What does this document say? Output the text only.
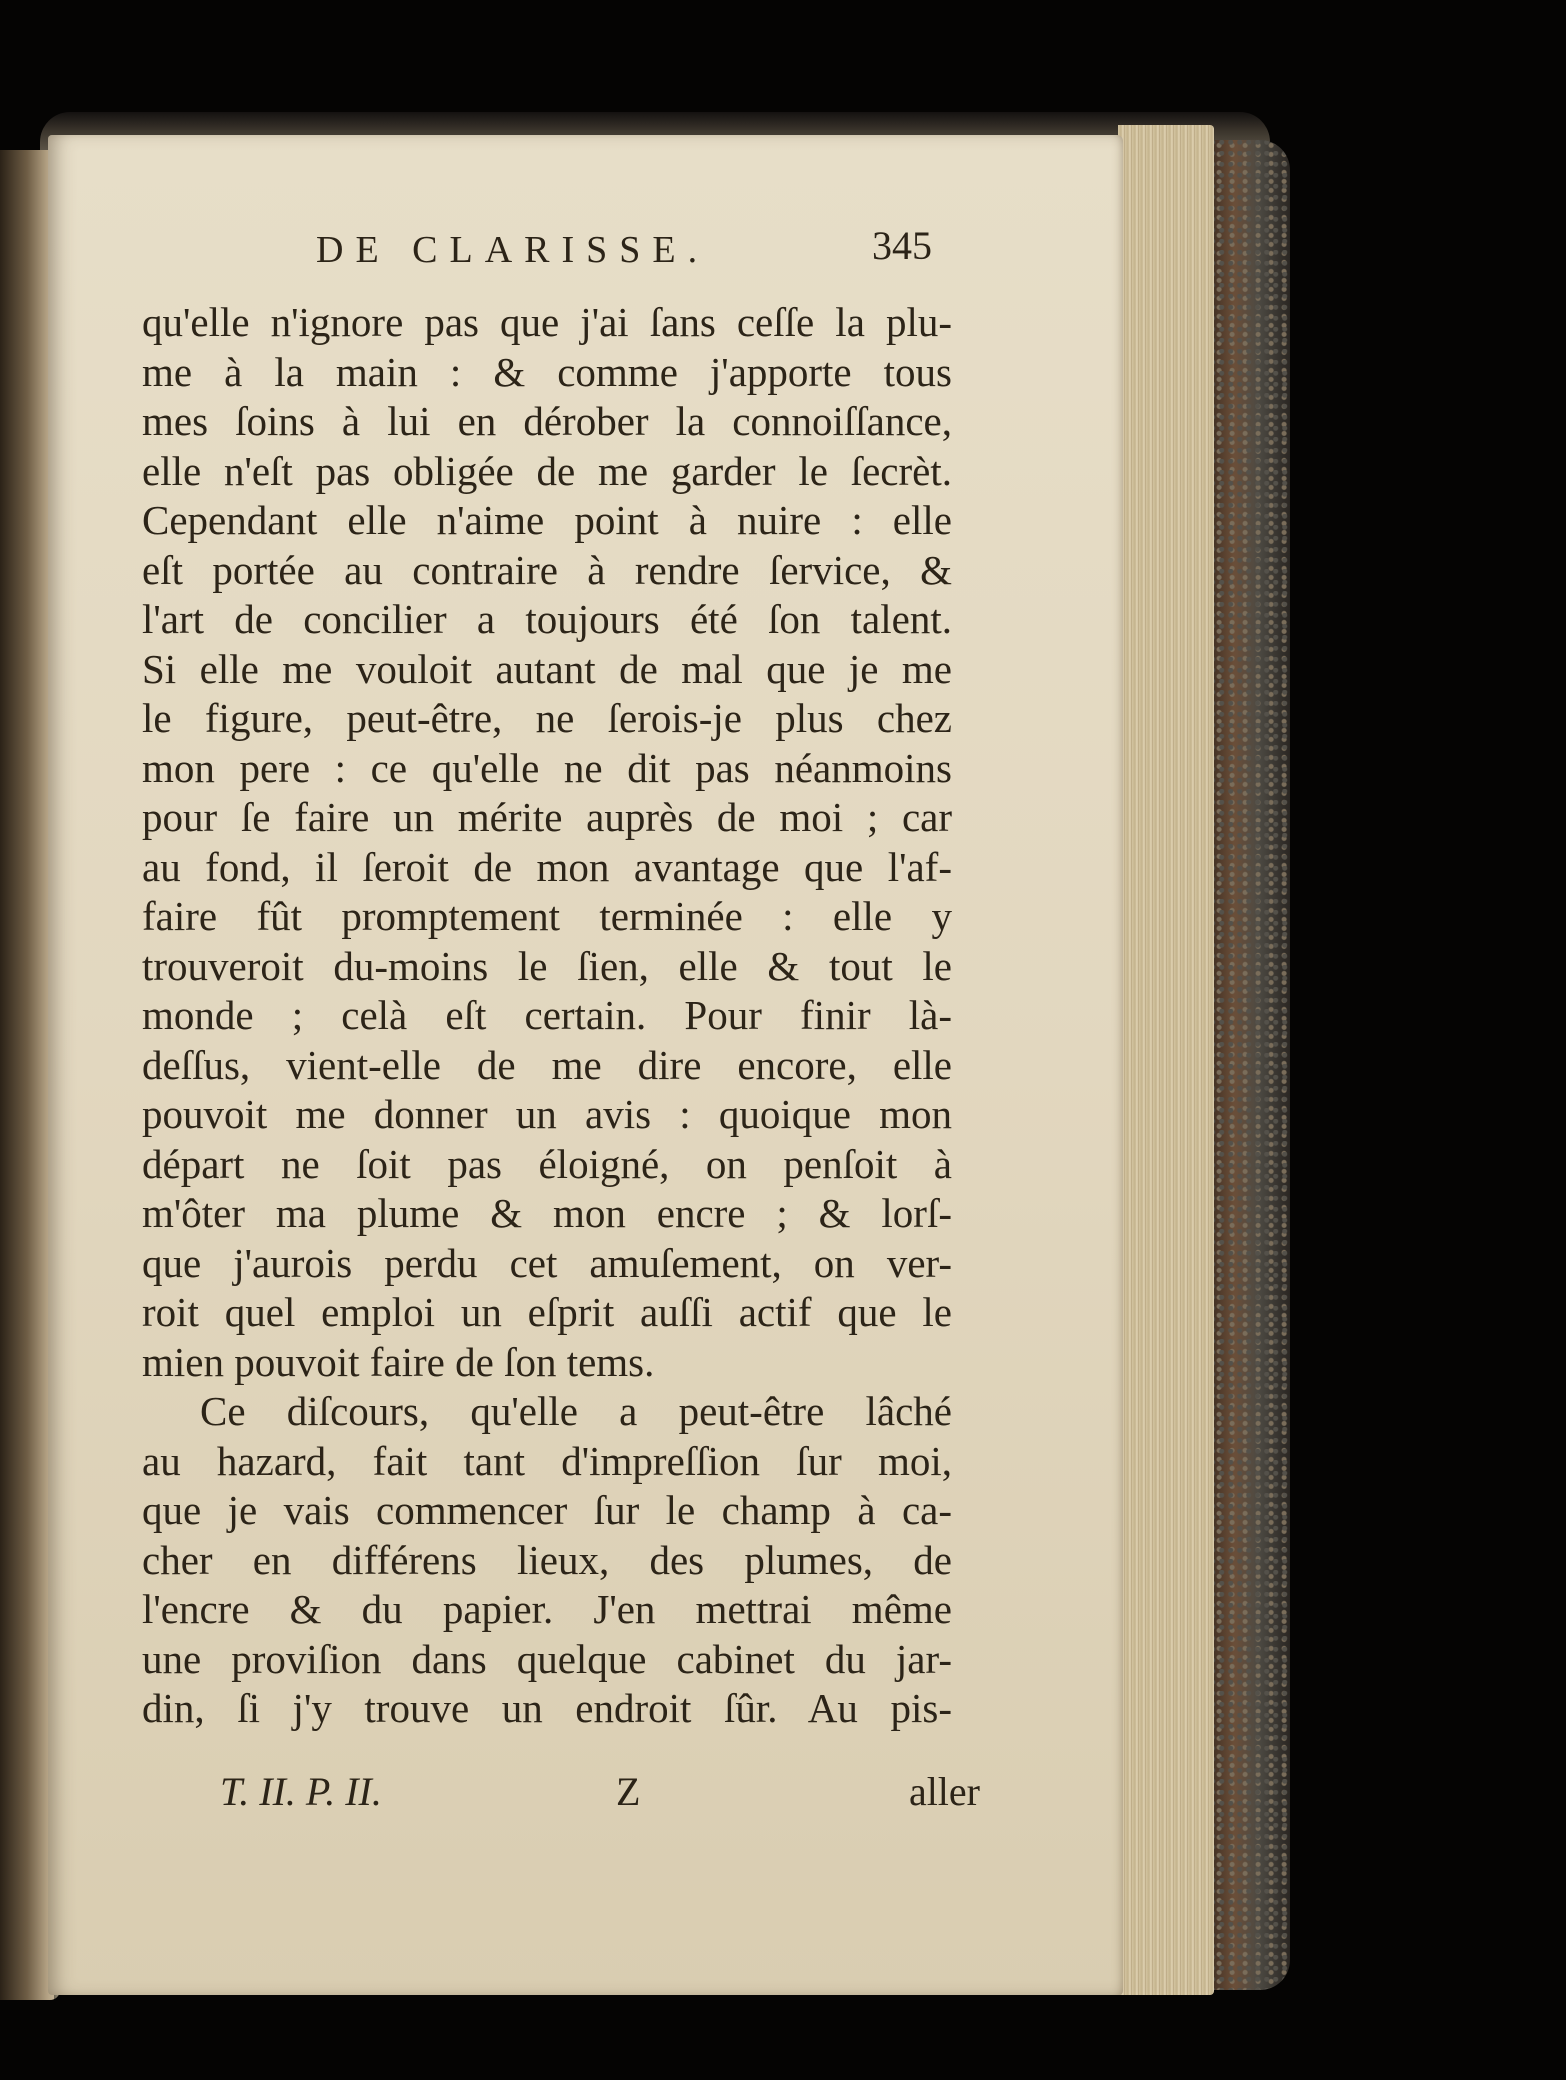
DE CLARISSE.	345
qu'elle n'ignore pas que j'ai ſans ceſſe la plu-
me à la main : & comme j'apporte tous
mes ſoins à lui en dérober la connoiſſance,
elle n'eſt pas obligée de me garder le ſecrèt.
Cependant elle n'aime point à nuire : elle
eſt portée au contraire à rendre ſervice, &
l'art de concilier a toujours été ſon talent.
Si elle me vouloit autant de mal que je me
le figure, peut-être, ne ſerois-je plus chez
mon pere : ce qu'elle ne dit pas néanmoins
pour ſe faire un mérite auprès de moi ; car
au fond, il ſeroit de mon avantage que l'af-
faire fût promptement terminée : elle y
trouveroit du-moins le ſien, elle & tout le
monde ; celà eſt certain. Pour finir là-
deſſus, vient-elle de me dire encore, elle
pouvoit me donner un avis : quoique mon
départ ne ſoit pas éloigné, on penſoit à
m'ôter ma plume & mon encre ; & lorſ-
que j'aurois perdu cet amuſement, on ver-
roit quel emploi un eſprit auſſi actif que le
mien pouvoit faire de ſon tems.
Ce diſcours, qu'elle a peut-être lâché
au hazard, fait tant d'impreſſion ſur moi,
que je vais commencer ſur le champ à ca-
cher en différens lieux, des plumes, de
l'encre & du papier. J'en mettrai même
une proviſion dans quelque cabinet du jar-
din, ſi j'y trouve un endroit ſûr. Au pis-
T. II. P. II.	Z	aller
